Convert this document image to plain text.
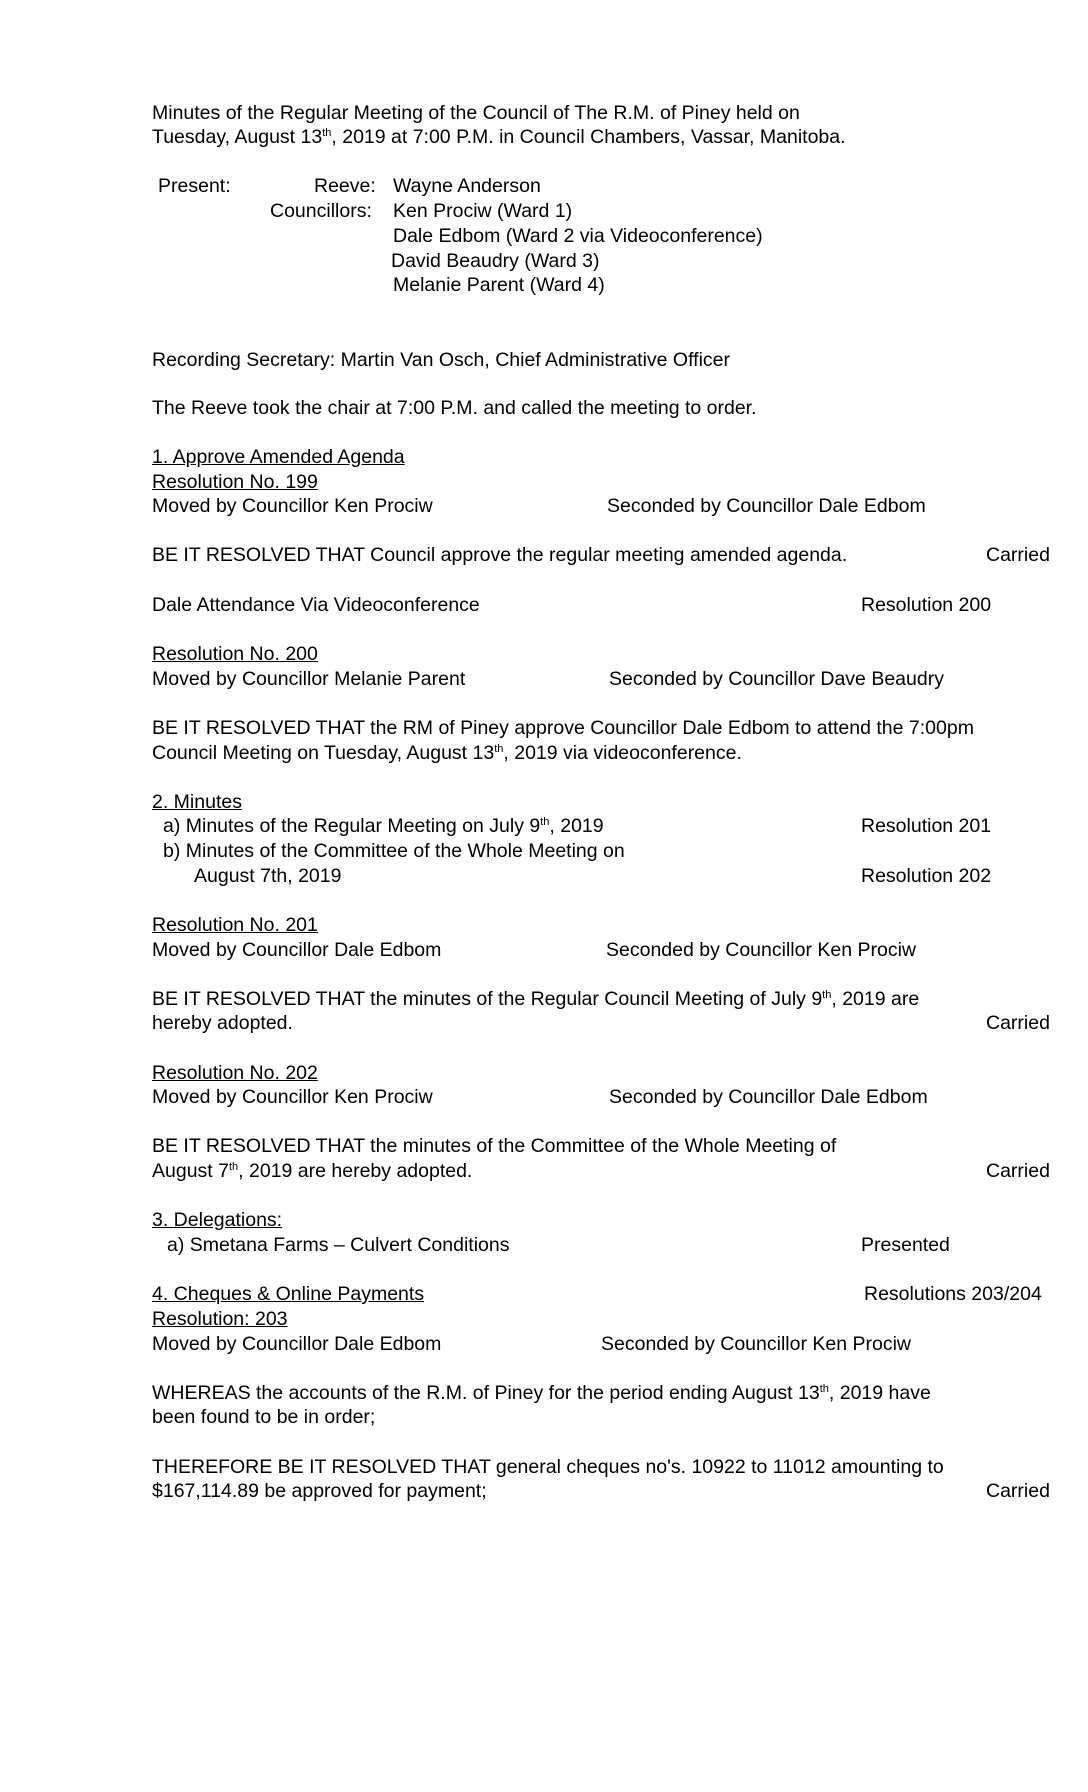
Minutes of the Regular Meeting of the Council of The R.M. of Piney held on
Tuesday, August 13th, 2019 at 7:00 P.M. in Council Chambers, Vassar, Manitoba.
Present:	Reeve: Wayne Anderson
Councillors: Ken Prociw (Ward 1)
Dale Edbom (Ward 2 via Videoconference)
David Beaudry (Ward 3)
Melanie Parent (Ward 4)
Recording Secretary: Martin Van Osch, Chief Administrative Officer
The Reeve took the chair at 7:00 P.M. and called the meeting to order.
1. Approve Amended Agenda
Resolution No. 199
Moved by Councillor Ken Prociw	Seconded by Councillor Dale Edbom
BE IT RESOLVED THAT Council approve the regular meeting amended agenda.	Carried
Dale Attendance Via Videoconference	Resolution 200
Resolution No. 200
Moved by Councillor Melanie Parent	Seconded by Councillor Dave Beaudry
BE IT RESOLVED THAT the RM of Piney approve Councillor Dale Edbom to attend the 7:00pm
Council Meeting on Tuesday, August 13th, 2019 via videoconference.
2. Minutes
a) Minutes of the Regular Meeting on July 9th, 2019	Resolution 201
b) Minutes of the Committee of the Whole Meeting on
August 7th, 2019	Resolution 202
Resolution No. 201
Moved by Councillor Dale Edbom	Seconded by Councillor Ken Prociw
BE IT RESOLVED THAT the minutes of the Regular Council Meeting of July 9th, 2019 are
hereby adopted.	Carried
Resolution No. 202
Moved by Councillor Ken Prociw	Seconded by Councillor Dale Edbom
BE IT RESOLVED THAT the minutes of the Committee of the Whole Meeting of
August 7th, 2019 are hereby adopted.	Carried
3. Delegations:
a) Smetana Farms – Culvert Conditions	Presented
4. Cheques & Online Payments	Resolutions 203/204
Resolution: 203
Moved by Councillor Dale Edbom	Seconded by Councillor Ken Prociw
WHEREAS the accounts of the R.M. of Piney for the period ending August 13th, 2019 have
been found to be in order;
THEREFORE BE IT RESOLVED THAT general cheques no's. 10922 to 11012 amounting to
$167,114.89 be approved for payment;	Carried
